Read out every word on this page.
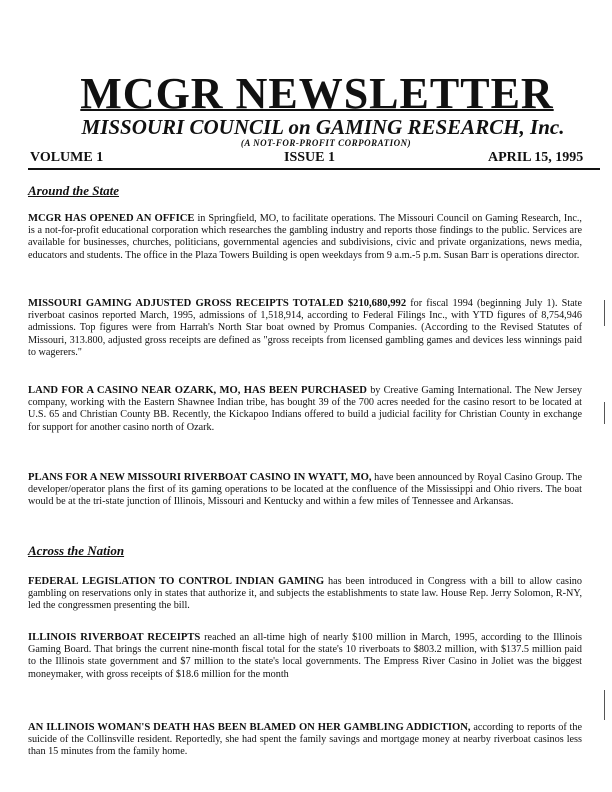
MCGR NEWSLETTER
MISSOURI COUNCIL on GAMING RESEARCH, Inc.
(A NOT-FOR-PROFIT CORPORATION)
VOLUME 1	ISSUE 1	APRIL 15, 1995
Around the State
MCGR HAS OPENED AN OFFICE in Springfield, MO, to facilitate operations. The Missouri Council on Gaming Research, Inc., is a not-for-profit educational corporation which researches the gambling industry and reports those findings to the public. Services are available for businesses, churches, politicians, governmental agencies and subdivisions, civic and private organizations, news media, educators and students. The office in the Plaza Towers Building is open weekdays from 9 a.m.-5 p.m. Susan Barr is operations director.
MISSOURI GAMING ADJUSTED GROSS RECEIPTS TOTALED $210,680,992 for fiscal 1994 (beginning July 1). State riverboat casinos reported March, 1995, admissions of 1,518,914, according to Federal Filings Inc., with YTD figures of 8,754,946 admissions. Top figures were from Harrah's North Star boat owned by Promus Companies. (According to the Revised Statutes of Missouri, 313.800, adjusted gross receipts are defined as "gross receipts from licensed gambling games and devices less winnings paid to wagerers."
LAND FOR A CASINO NEAR OZARK, MO, HAS BEEN PURCHASED by Creative Gaming International. The New Jersey company, working with the Eastern Shawnee Indian tribe, has bought 39 of the 700 acres needed for the casino resort to be located at U.S. 65 and Christian County BB. Recently, the Kickapoo Indians offered to build a judicial facility for Christian County in exchange for support for another casino north of Ozark.
PLANS FOR A NEW MISSOURI RIVERBOAT CASINO IN WYATT, MO, have been announced by Royal Casino Group. The developer/operator plans the first of its gaming operations to be located at the confluence of the Mississippi and Ohio rivers. The boat would be at the tri-state junction of Illinois, Missouri and Kentucky and within a few miles of Tennessee and Arkansas.
Across the Nation
FEDERAL LEGISLATION TO CONTROL INDIAN GAMING has been introduced in Congress with a bill to allow casino gambling on reservations only in states that authorize it, and subjects the establishments to state law. House Rep. Jerry Solomon, R-NY, led the congressmen presenting the bill.
ILLINOIS RIVERBOAT RECEIPTS reached an all-time high of nearly $100 million in March, 1995, according to the Illinois Gaming Board. That brings the current nine-month fiscal total for the state's 10 riverboats to $803.2 million, with $137.5 million paid to the Illinois state government and $7 million to the state's local governments. The Empress River Casino in Joliet was the biggest moneymaker, with gross receipts of $18.6 million for the month
AN ILLINOIS WOMAN'S DEATH HAS BEEN BLAMED ON HER GAMBLING ADDICTION, according to reports of the suicide of the Collinsville resident. Reportedly, she had spent the family savings and mortgage money at nearby riverboat casinos less than 15 minutes from the family home.
